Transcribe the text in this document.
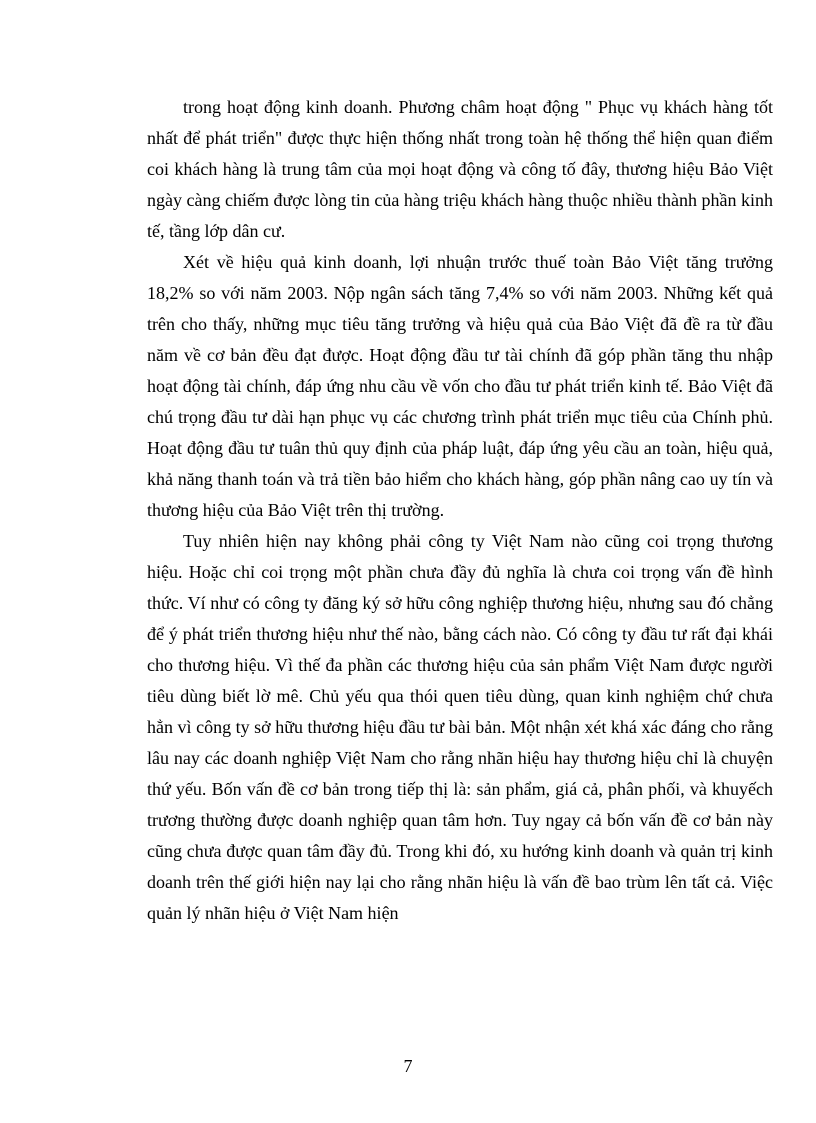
trong hoạt động kinh doanh. Phương châm hoạt động " Phục vụ khách hàng tốt nhất để phát triển" được thực hiện thống nhất trong toàn hệ thống thể hiện quan điểm coi khách hàng là trung tâm của mọi hoạt động và công tố đây, thương hiệu Bảo Việt ngày càng chiếm được lòng tin của hàng triệu khách hàng thuộc nhiều thành phần kinh tế, tầng lớp dân cư.

Xét về hiệu quả kinh doanh, lợi nhuận trước thuế toàn Bảo Việt tăng trưởng 18,2% so với năm 2003. Nộp ngân sách tăng 7,4% so với năm 2003. Những kết quả trên cho thấy, những mục tiêu tăng trưởng và hiệu quả của Bảo Việt đã đề ra từ đầu năm về cơ bản đều đạt được. Hoạt động đầu tư tài chính đã góp phần tăng thu nhập hoạt động tài chính, đáp ứng nhu cầu về vốn cho đầu tư phát triển kinh tế. Bảo Việt đã chú trọng đầu tư dài hạn phục vụ các chương trình phát triển mục tiêu của Chính phủ. Hoạt động đầu tư tuân thủ quy định của pháp luật, đáp ứng yêu cầu an toàn, hiệu quả, khả năng thanh toán và trả tiền bảo hiểm cho khách hàng, góp phần nâng cao uy tín và thương hiệu của Bảo Việt trên thị trường.

Tuy nhiên hiện nay không phải công ty Việt Nam nào cũng coi trọng thương hiệu. Hoặc chỉ coi trọng một phần chưa đầy đủ nghĩa là chưa coi trọng vấn đề hình thức. Ví như có công ty đăng ký sở hữu công nghiệp thương hiệu, nhưng sau đó chẳng để ý phát triển thương hiệu như thế nào, bằng cách nào. Có công ty đầu tư rất đại khái cho thương hiệu. Vì thế đa phần các thương hiệu của sản phẩm Việt Nam được người tiêu dùng biết lờ mê. Chủ yếu qua thói quen tiêu dùng, quan kinh nghiệm chứ chưa hẳn vì công ty sở hữu thương hiệu đầu tư bài bản. Một nhận xét khá xác đáng cho rằng lâu nay các doanh nghiệp Việt Nam cho rằng nhãn hiệu hay thương hiệu chỉ là chuyện thứ yếu. Bốn vấn đề cơ bản trong tiếp thị là: sản phẩm, giá cả, phân phối, và khuyếch trương thường được doanh nghiệp quan tâm hơn. Tuy ngay cả bốn vấn đề cơ bản này cũng chưa được quan tâm đầy đủ. Trong khi đó, xu hướng kinh doanh và quản trị kinh doanh trên thế giới hiện nay lại cho rằng nhãn hiệu là vấn đề bao trùm lên tất cả. Việc quản lý nhãn hiệu ở Việt Nam hiện

7
